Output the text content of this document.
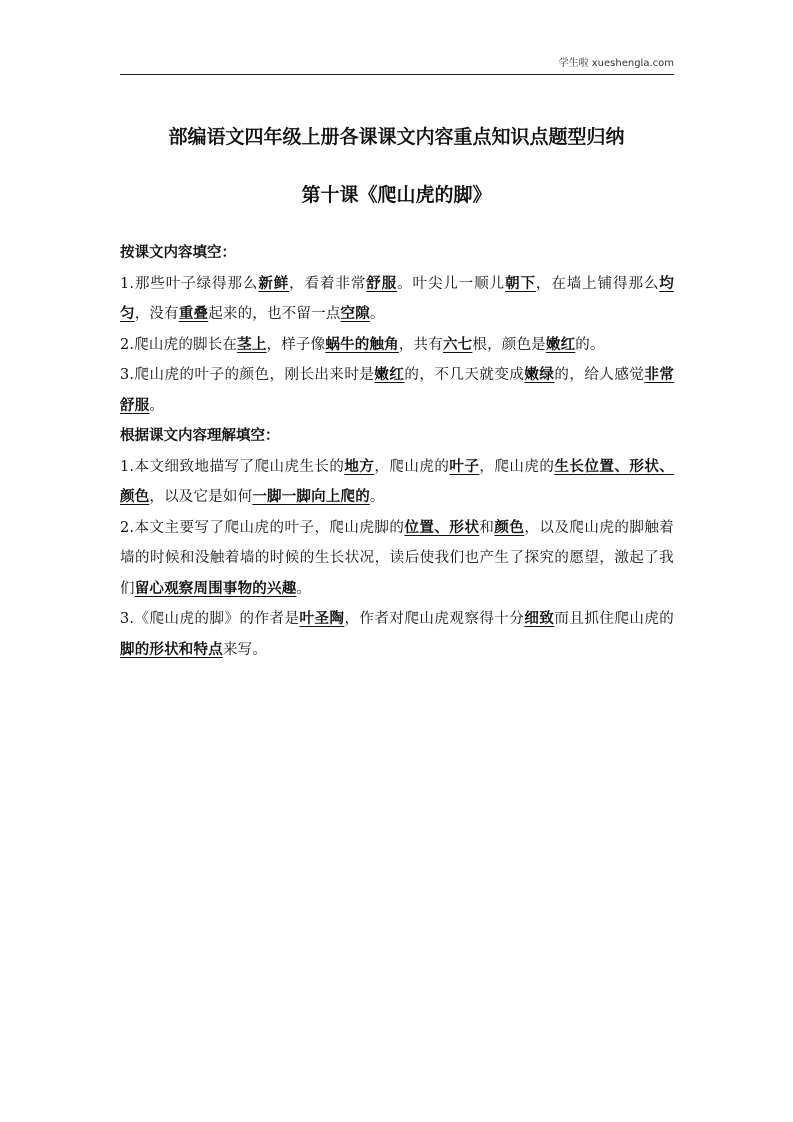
学生啦 xueshengla.com
部编语文四年级上册各课课文内容重点知识点题型归纳
第十课《爬山虎的脚》

按课文内容填空：

1.那些叶子绿得那么新鲜，看着非常舒服。叶尖儿一顺儿朝下，在墙上铺得那么均匀，没有重叠起来的，也不留一点空隙。

2.爬山虎的脚长在茎上，样子像蜗牛的触角，共有六七根，颜色是嫩红的。

3.爬山虎的叶子的颜色，刚长出来时是嫩红的，不几天就变成嫩绿的，给人感觉非常舒服。

根据课文内容理解填空：

1.本文细致地描写了爬山虎生长的地方，爬山虎的叶子，爬山虎的生长位置、形状、颜色，以及它是如何一脚一脚向上爬的。

2.本文主要写了爬山虎的叶子，爬山虎脚的位置、形状和颜色，以及爬山虎的脚触着墙的时候和没触着墙的时候的生长状况，读后使我们也产生了探究的愿望，激起了我们留心观察周围事物的兴趣。

3.《爬山虎的脚》的作者是叶圣陶，作者对爬山虎观察得十分细致而且抓住爬山虎的脚的形状和特点来写。
